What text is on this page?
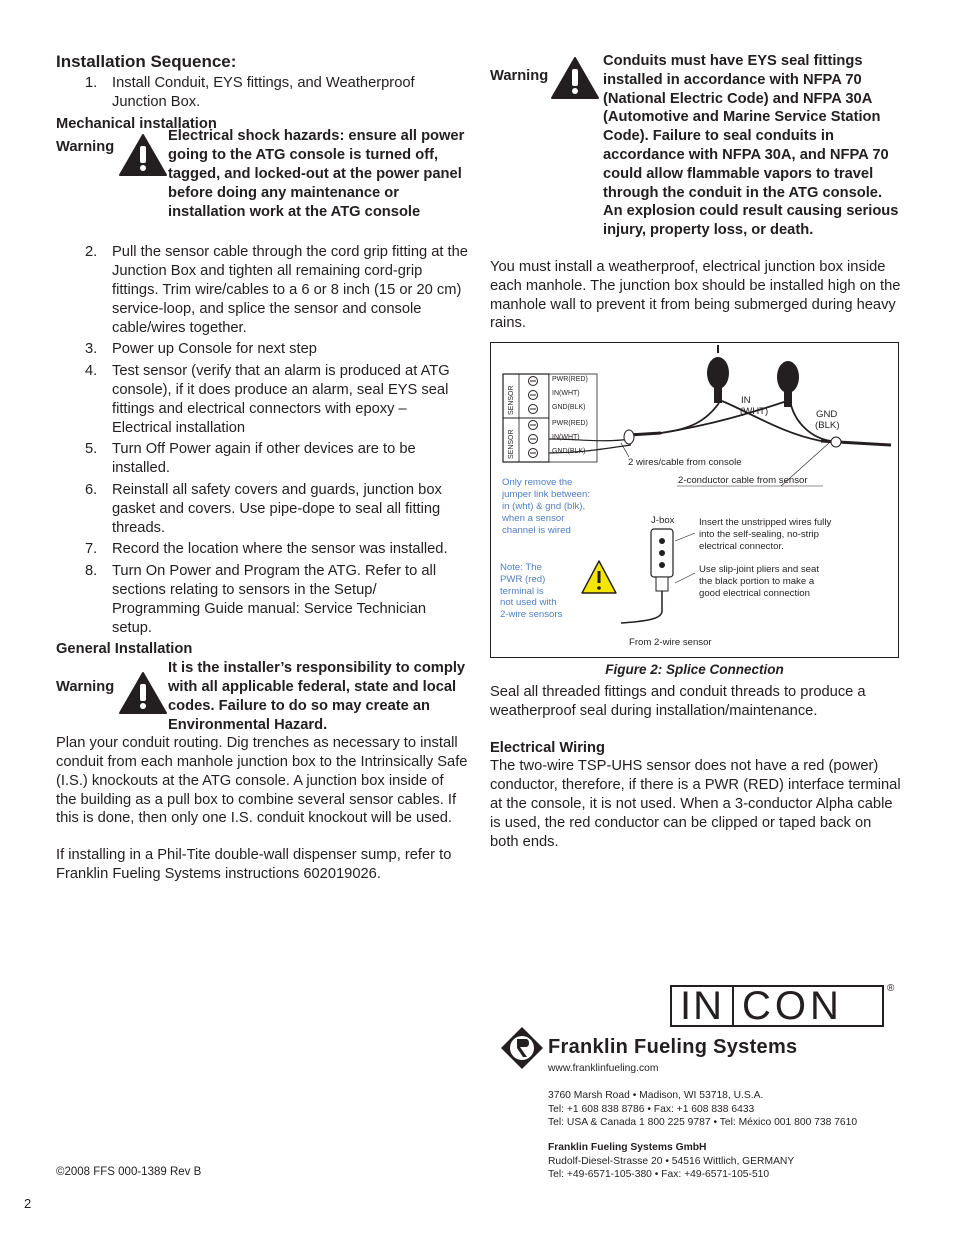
Installation Sequence:
1. Install Conduit, EYS fittings, and Weatherproof Junction Box.
Mechanical installation
Warning
Electrical shock hazards: ensure all power going to the ATG console is turned off, tagged, and locked-out at the power panel before doing any maintenance or installation work at the ATG console
2. Pull the sensor cable through the cord grip fitting at the Junction Box and tighten all remaining cord-grip fittings. Trim wire/cables to a 6 or 8 inch (15 or 20 cm) service-loop, and splice the sensor and console cable/wires together.
3. Power up Console for next step
4. Test sensor (verify that an alarm is produced at ATG console), if it does produce an alarm, seal EYS seal fittings and electrical connectors with epoxy – Electrical installation
5. Turn Off Power again if other devices are to be installed.
6. Reinstall all safety covers and guards, junction box gasket and covers. Use pipe-dope to seal all fitting threads.
7. Record the location where the sensor was installed.
8. Turn On Power and Program the ATG. Refer to all sections relating to sensors in the Setup/ Programming Guide manual: Service Technician setup.
General Installation
Warning
It is the installer’s responsibility to comply with all applicable federal, state and local codes. Failure to do so may create an Environmental Hazard.

Plan your conduit routing. Dig trenches as necessary to install conduit from each manhole junction box to the Intrinsically Safe (I.S.) knockouts at the ATG console. A junction box inside of the building as a pull box to combine several sensor cables. If this is done, then only one I.S. conduit knockout will be used.

If installing in a Phil-Tite double-wall dispenser sump, refer to Franklin Fueling Systems instructions 602019026.

Warning
Conduits must have EYS seal fittings installed in accordance with NFPA 70 (National Electric Code) and NFPA 30A (Automotive and Marine Service Station Code). Failure to seal conduits in accordance with NFPA 30A, and NFPA 70 could allow flammable vapors to travel through the conduit in the ATG console. An explosion could result causing serious injury, property loss, or death.

You must install a weatherproof, electrical junction box inside each manhole. The junction box should be installed high on the manhole wall to prevent it from being submerged during heavy rains.

SENSOR
SENSOR
PWR(RED)
IN(WHT)
GND(BLK)
PWR(RED)
IN(WHT)
GND(BLK)
IN
(WHT)	GND
(BLK)
2 wires/cable from console
2-conductor cable from sensor
Only remove the jumper link between: in (wht) & gnd (blk), when a sensor channel is wired
J-box	Insert the unstripped wires fully into the self-sealing, no-strip electrical connector.
Use slip-joint pliers and seat the black portion to make a good electrical connection
Note: The PWR (red) terminal is not used with 2-wire sensors
From 2-wire sensor
Figure 2: Splice Connection

Seal all threaded fittings and conduit threads to produce a weatherproof seal during installation/maintenance.

Electrical Wiring

The two-wire TSP-UHS sensor does not have a red (power) conductor, therefore, if there is a PWR (RED) interface terminal at the console, it is not used. When a 3-conductor Alpha cable is used, the red conductor can be clipped or taped back on both ends.

IN CON	®
Franklin Fueling Systems
www.franklinfueling.com
3760 Marsh Road • Madison, WI 53718, U.S.A.
Tel: +1 608 838 8786 • Fax: +1 608 838 6433
Tel: USA & Canada 1 800 225 9787 • Tel: México 001 800 738 7610
Franklin Fueling Systems GmbH
Rudolf-Diesel-Strasse 20 • 54516 Wittlich, GERMANY
Tel: +49-6571-105-380 • Fax: +49-6571-105-510
©2008 FFS 000-1389 Rev B
2
